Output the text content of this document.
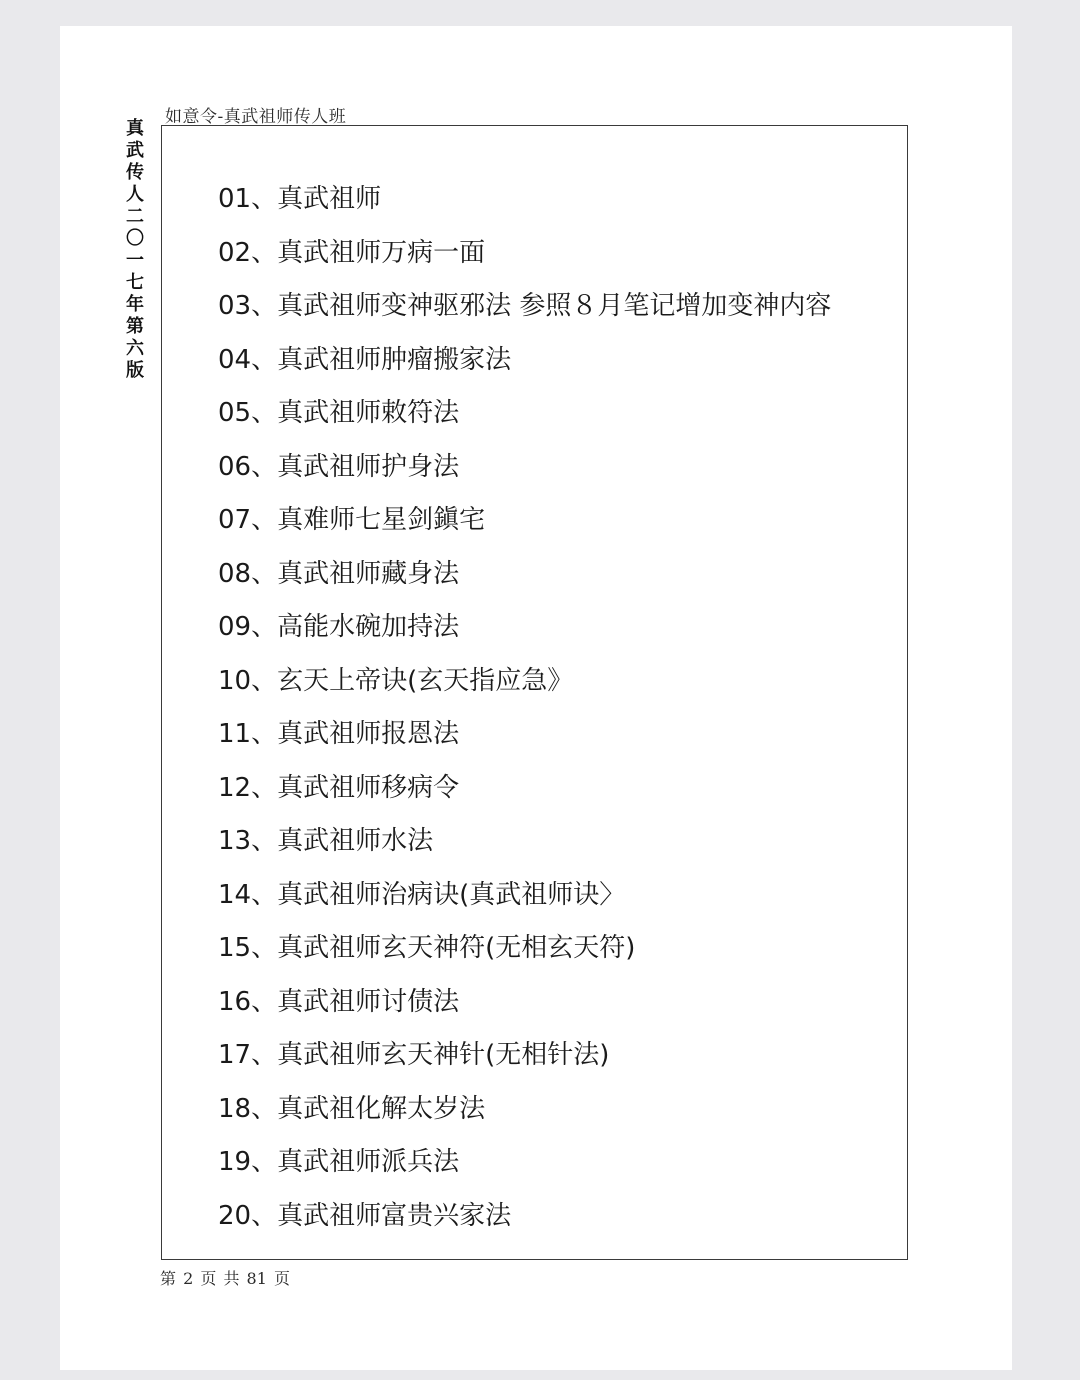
如意令-真武祖师传人班
真
武
传
人
二
〇
一
七
年
第
六
版
01、真武祖师
02、真武祖师万病一面
03、真武祖师变神驱邪法 参照８月笔记增加变神内容
04、真武祖师肿瘤搬家法
05、真武祖师敕符法
06、真武祖师护身法
07、真难师七星剑鎭宅
08、真武祖师藏身法
09、高能水碗加持法
10、玄天上帝诀(玄天指应急》
11、真武祖师报恩法
12、真武祖师移病令
13、真武祖师水法
14、真武祖师治病诀(真武祖师诀〉
15、真武祖师玄天神符(无相玄天符)
16、真武祖师讨债法
17、真武祖师玄天神针(无相针法)
18、真武祖化解太岁法
19、真武祖师派兵法
20、真武祖师富贵兴家法
第 2 页 共 81 页
